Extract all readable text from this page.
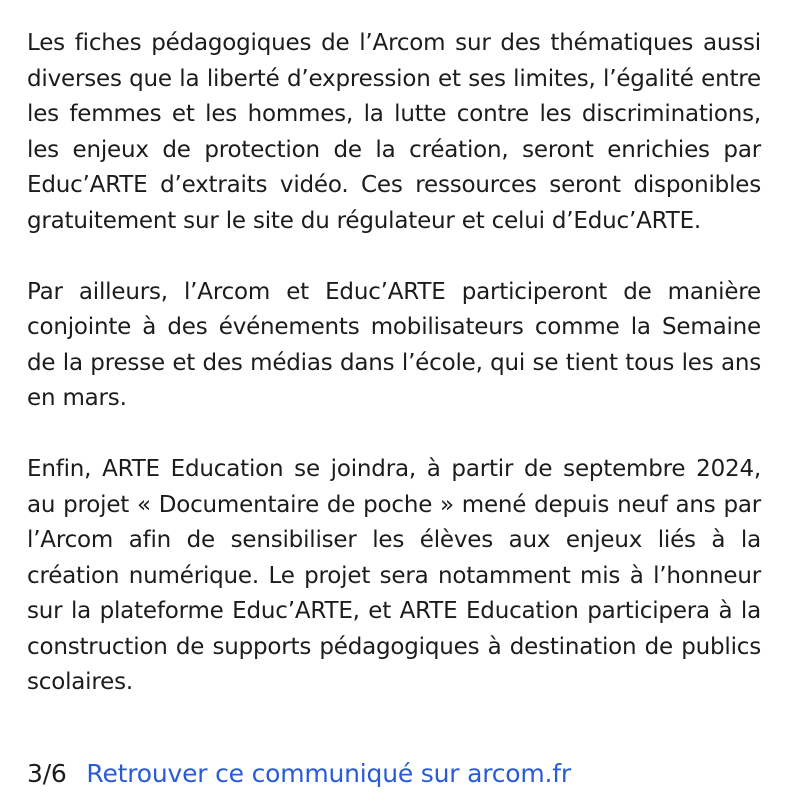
Les fiches pédagogiques de l’Arcom sur des thématiques aussi diverses que la liberté d’expression et ses limites, l’égalité entre les femmes et les hommes, la lutte contre les discriminations, les enjeux de protection de la création, seront enrichies par Educ’ARTE d’extraits vidéo. Ces ressources seront disponibles gratuitement sur le site du régulateur et celui d’Educ’ARTE.

Par ailleurs, l’Arcom et Educ’ARTE participeront de manière conjointe à des événements mobilisateurs comme la Semaine de la presse et des médias dans l’école, qui se tient tous les ans en mars.

Enfin, ARTE Education se joindra, à partir de septembre 2024, au projet « Documentaire de poche » mené depuis neuf ans par l’Arcom afin de sensibiliser les élèves aux enjeux liés à la création numérique. Le projet sera notamment mis à l’honneur sur la plateforme Educ’ARTE, et ARTE Education participera à la construction de supports pédagogiques à destination de publics scolaires.

3/6 Retrouver ce communiqué sur arcom.fr
